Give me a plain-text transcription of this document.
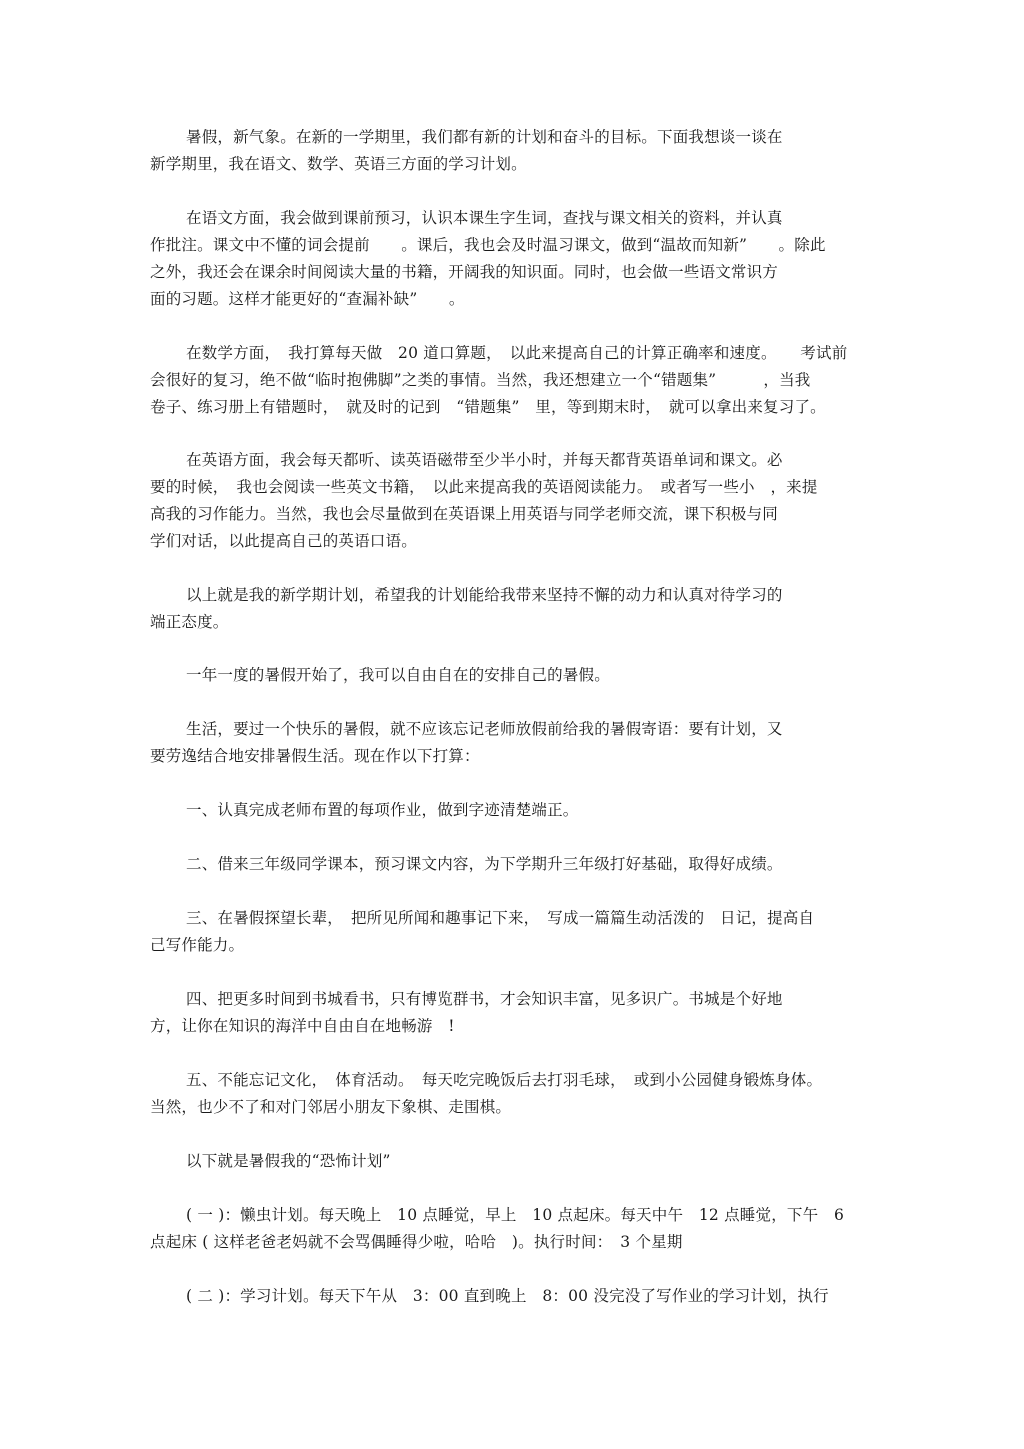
暑假，新气象。在新的一学期里，我们都有新的计划和奋斗的目标。下面我想谈一谈在
新学期里，我在语文、数学、英语三方面的学习计划。
在语文方面，我会做到课前预习，认识本课生字生词，查找与课文相关的资料，并认真
作批注。课文中不懂的词会提前　　。课后，我也会及时温习课文，做到“温故而知新”　　。除此
之外，我还会在课余时间阅读大量的书籍，开阔我的知识面。同时，也会做一些语文常识方
面的习题。这样才能更好的“查漏补缺”　　。
在数学方面，　我打算每天做　20 道口算题，　以此来提高自己的计算正确率和速度。　　考试前
会很好的复习，绝不做“临时抱佛脚”之类的事情。当然，我还想建立一个“错题集”　　　，当我
卷子、练习册上有错题时，　就及时的记到　“错题集”　里，等到期末时，　就可以拿出来复习了。
在英语方面，我会每天都听、读英语磁带至少半小时，并每天都背英语单词和课文。必
要的时候，　我也会阅读一些英文书籍，　以此来提高我的英语阅读能力。　或者写一些小　，来提
高我的习作能力。当然，我也会尽量做到在英语课上用英语与同学老师交流，课下积极与同
学们对话，以此提高自己的英语口语。
以上就是我的新学期计划，希望我的计划能给我带来坚持不懈的动力和认真对待学习的
端正态度。
一年一度的暑假开始了，我可以自由自在的安排自己的暑假。
生活，要过一个快乐的暑假，就不应该忘记老师放假前给我的暑假寄语：要有计划，又
要劳逸结合地安排暑假生活。现在作以下打算：
一、认真完成老师布置的每项作业，做到字迹清楚端正。
二、借来三年级同学课本，预习课文内容，为下学期升三年级打好基础，取得好成绩。
三、在暑假探望长辈，　把所见所闻和趣事记下来，　写成一篇篇生动活泼的　日记，提高自
己写作能力。
四、把更多时间到书城看书，只有博览群书，才会知识丰富，见多识广。书城是个好地
方，让你在知识的海洋中自由自在地畅游　!
五、不能忘记文化，　体育活动。　每天吃完晚饭后去打羽毛球，　或到小公园健身锻炼身体。
当然，也少不了和对门邻居小朋友下象棋、走围棋。
以下就是暑假我的“恐怖计划”
( 一 )：懒虫计划。每天晚上　10 点睡觉，早上　10 点起床。每天中午　12 点睡觉，下午　6
点起床 ( 这样老爸老妈就不会骂偶睡得少啦，哈哈　)。执行时间：　3 个星期
( 二 )：学习计划。每天下午从　3：00 直到晚上　8：00 没完没了写作业的学习计划，执行
